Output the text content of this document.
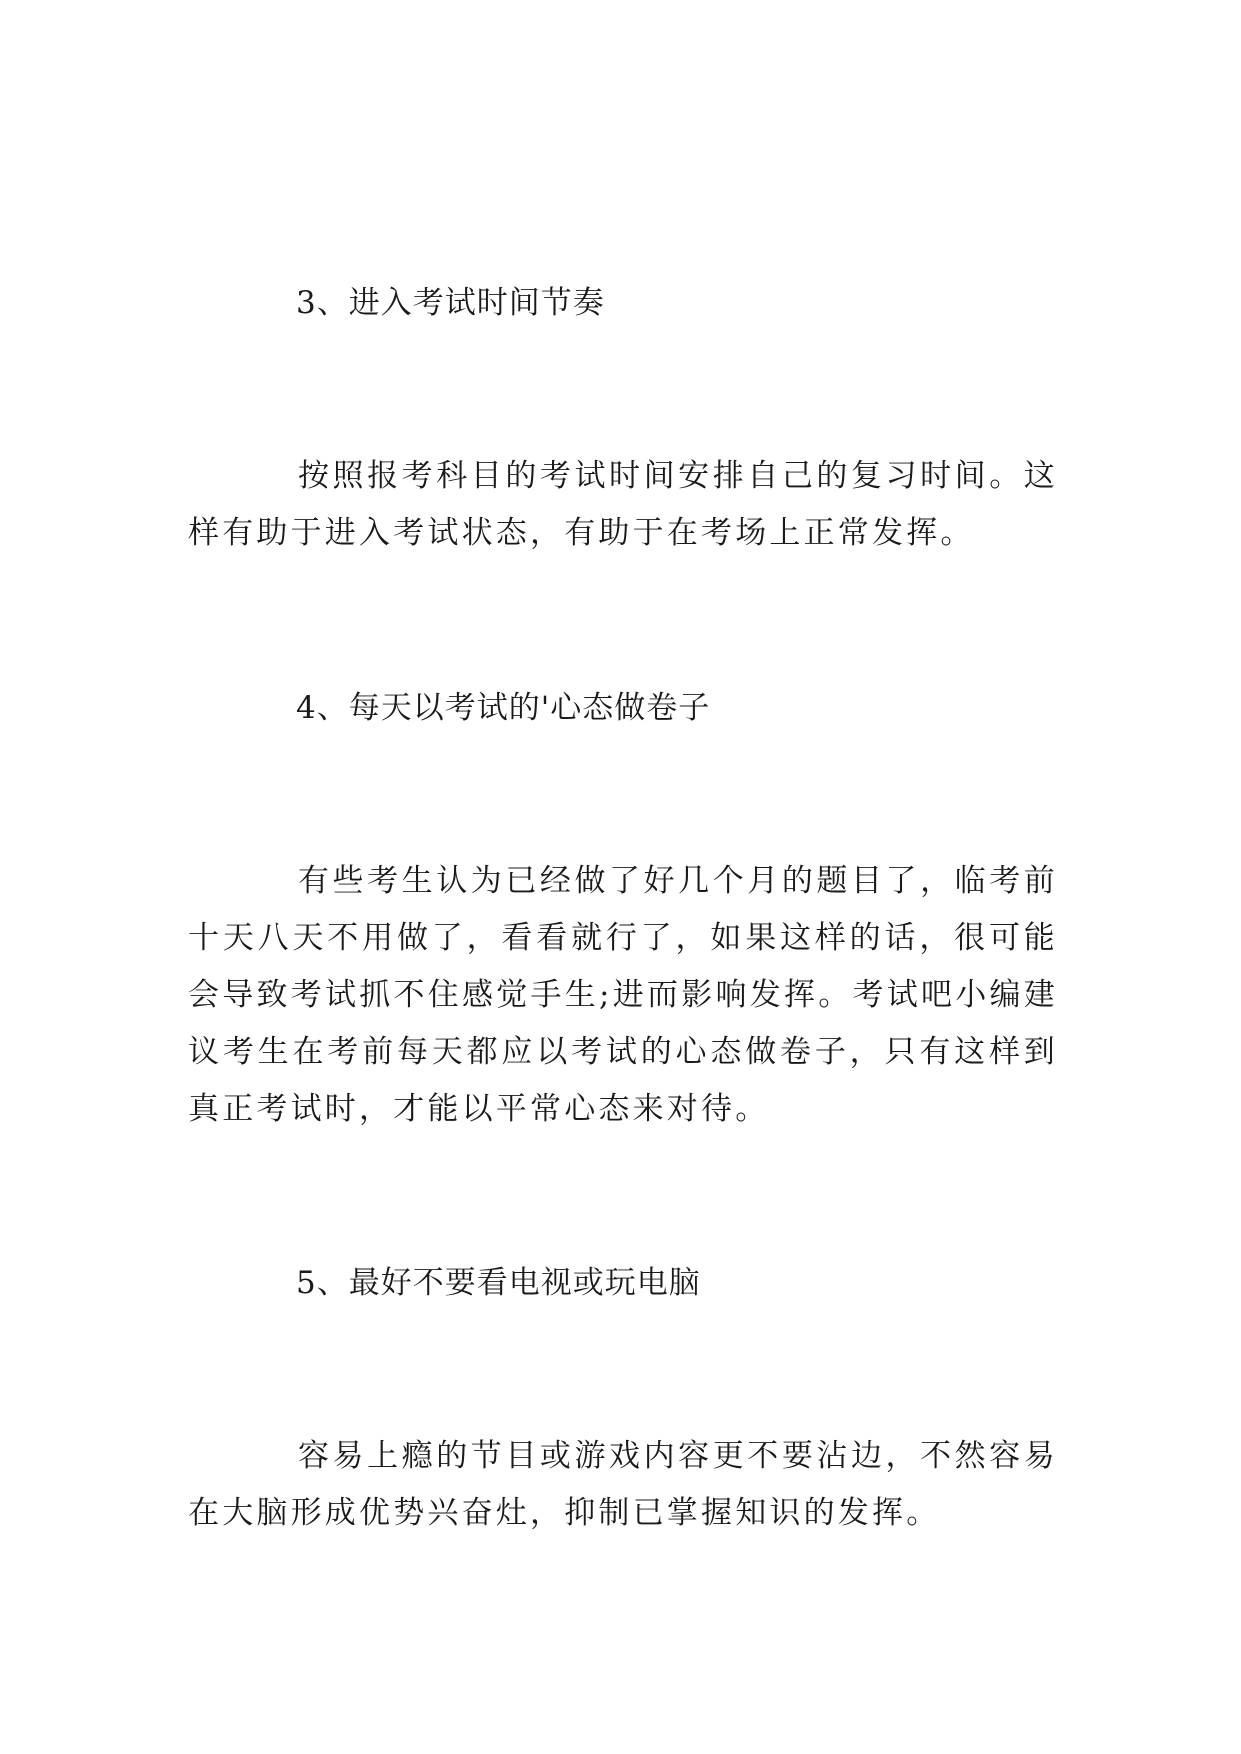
3、进入考试时间节奏

按照报考科目的考试时间安排自己的复习时间。这样有助于进入考试状态，有助于在考场上正常发挥。

4、每天以考试的'心态做卷子

有些考生认为已经做了好几个月的题目了，临考前十天八天不用做了，看看就行了，如果这样的话，很可能会导致考试抓不住感觉手生;进而影响发挥。考试吧小编建议考生在考前每天都应以考试的心态做卷子，只有这样到真正考试时，才能以平常心态来对待。

5、最好不要看电视或玩电脑

容易上瘾的节目或游戏内容更不要沾边，不然容易在大脑形成优势兴奋灶，抑制已掌握知识的发挥。
